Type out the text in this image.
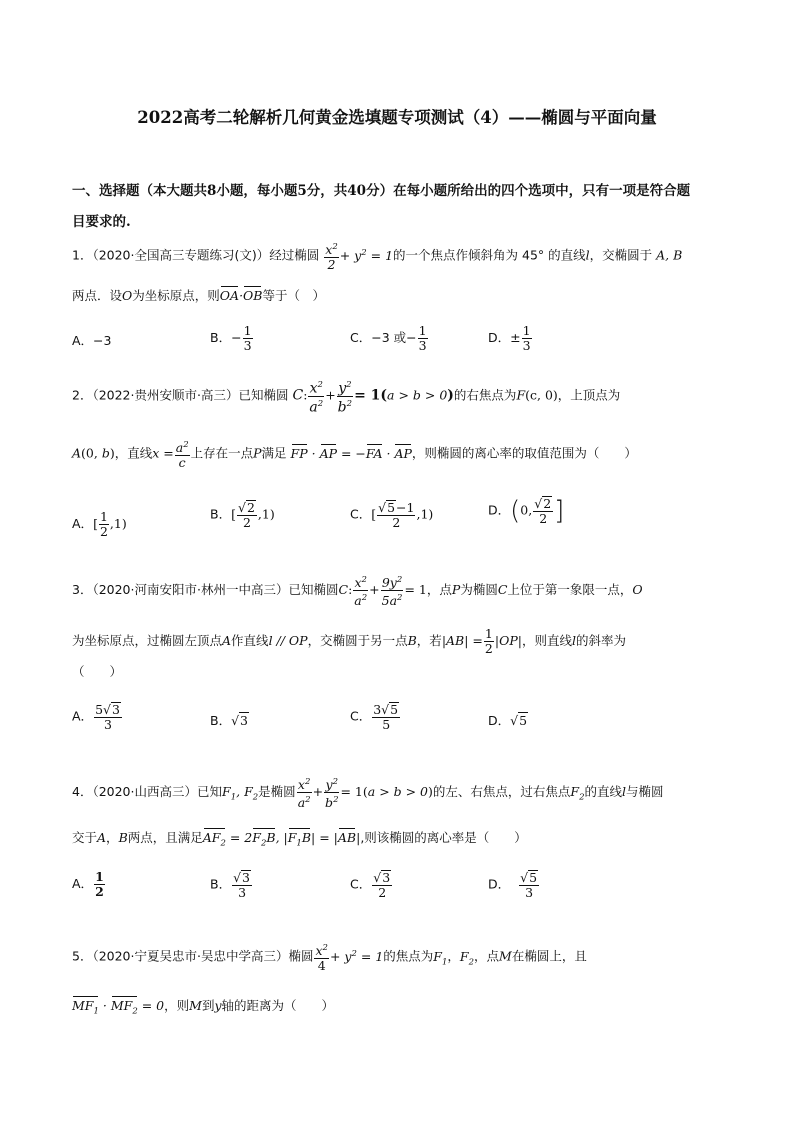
2022高考二轮解析几何黄金选填题专项测试（4）——椭圆与平面向量
一、选择题（本大题共8小题，每小题5分，共40分）在每小题所给出的四个选项中，只有一项是符合题
目要求的.
1．（2020·全国高三专题练习(文)）经过椭圆 $\frac{x^2}{2} + y^2 = 1$的一个焦点作倾斜角为 45° 的直线l，交椭圆于 A, B
两点．设O为坐标原点，则OA·OB等于（　）
A．−3	B．− $\frac{1}{3}$	C．−3 或− $\frac{1}{3}$	D．± $\frac{1}{3}$
2．（2022·贵州安顺市·高三）已知椭圆 C: $\frac{x^2}{a^2} + \frac{y^2}{b^2} = 1(a > b > 0)$的右焦点为F(c, 0)，上顶点为
A(0, b)，直线$x = \frac{a^2}{c}$ 上存在一点P满足 FP · AP = −FA · AP，则椭圆的离心率的取值范围为（　　）
A．[ $\frac{1}{2} ,1$)
B．[ $\frac{√2}{2} ,1$)	C．[ $\frac{√5-1}{2} ,1$)	D．(0, $\frac{√2}{2}$ ]
3．（2020·河南安阳市·林州一中高三）已知椭圆C: $\frac{x^2}{a^2} + \frac{9y^2}{5a^2} = 1$，点P为椭圆C上位于第一象限一点，O
为坐标原点，过椭圆左顶点A作直线l // OP，交椭圆于另一点B，若$|AB| = \frac{1}{2} |OP|$，则直线l的斜率为
（　　）
A． $\frac{5√3}{3}$	B．√3	C． $\frac{3√5}{5}$	D．√5
4．（2020·山西高三）已知$F_1$, $F_2$是椭圆 $\frac{x^2}{a^2} + \frac{y^2}{b^2} = 1(a > b > 0)$的左、右焦点，过右焦点$F_2$的直线l与椭圆
交于A，B两点，且满足$AF_2 = 2F_2B$, $|F_1B| = |AB|$,则该椭圆的离心率是（　　）
A． $\frac{1}{2}$	B． $\frac{√3}{3}$	C． $\frac{√3}{2}$	D． $\frac{√5}{3}$
5．（2020·宁夏吴忠市·吴忠中学高三）椭圆 $\frac{x^2}{4} + y^2 = 1$的焦点为$F_1$，$F_2$，点M在椭圆上，且
$MF_1 \cdot MF_2 = 0$，则M到y轴的距离为（　　）
